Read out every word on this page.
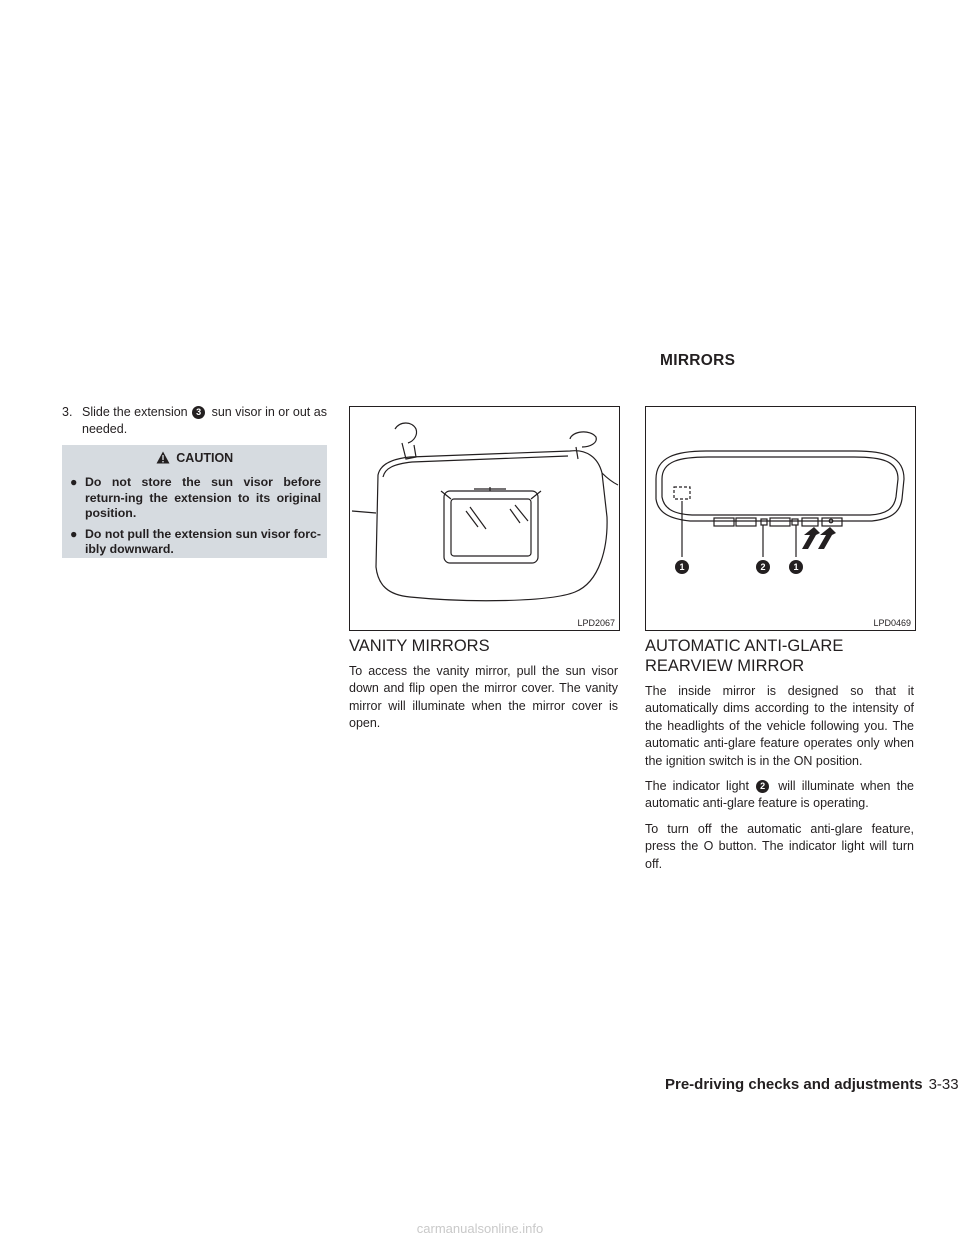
MIRRORS
3. Slide the extension 3 sun visor in or out as needed.
CAUTION
● Do not store the sun visor before return-ing the extension to its original position.
● Do not pull the extension sun visor forc-ibly downward.
LPD2067
1	2	1
LPD0469
VANITY MIRRORS

To access the vanity mirror, pull the sun visor down and flip open the mirror cover. The vanity mirror will illuminate when the mirror cover is open.

AUTOMATIC ANTI-GLARE
REARVIEW MIRROR

The inside mirror is designed so that it automatically dims according to the intensity of the headlights of the vehicle following you. The automatic anti-glare feature operates only when the ignition switch is in the ON position.

The indicator light 2 will illuminate when the automatic anti-glare feature is operating.

To turn off the automatic anti-glare feature, press the O button. The indicator light will turn off.

Pre-driving checks and adjustments 3-33
carmanualsonline.info
